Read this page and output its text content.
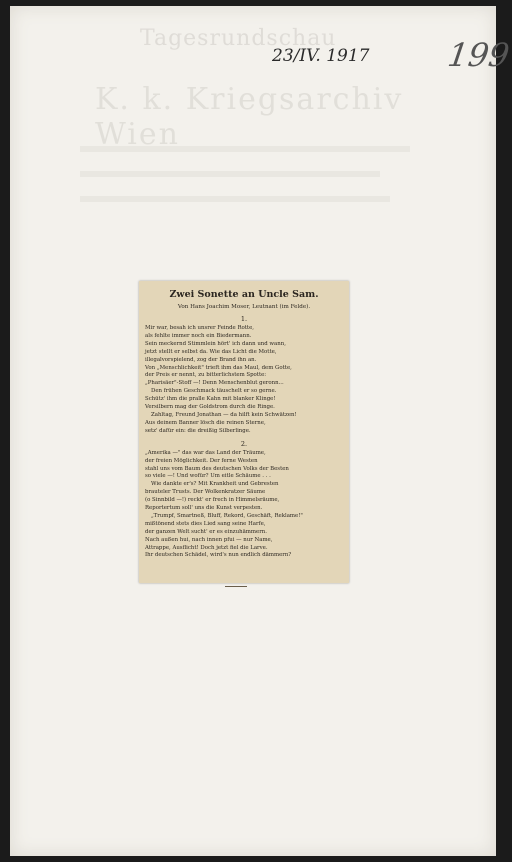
Tagesrundschau
K. k. Kriegsarchiv Wien
23/IV. 1917 199
Zwei Sonette an Uncle Sam.
Von Hans Joachim Moser, Leutnant (im Felde).
1.
Mir war, besah ich unsrer Feinde Rotte,
als fehlte immer noch ein Biedermann.
Sein meckernd Stimmlein hört' ich dann und wann,
jetzt stellt er selbst da. Wie das Licht die Motte,
illegalvorspielend, zog der Brand ihn an.
Von „Menschlichkeit" trieft ihm das Maul, dem Gotte,
der Preis er nennt, zu bitterlichstem Spotte:
„Pharisäer"-Stoff —! Denn Menschenblut geronn...
Den frühen Geschmack täuschelt er so gerne.
Schütz' ihm die pralle Kahn mit blanker Klinge!
Versilbern mag der Goldstrom durch die Ringe.
Zahltag, Freund Jonathan — da hilft kein Schwätzen!
Aus deinem Banner lösch die reinen Sterne,
setz' dafür ein: die dreißig Silberlinge.
2.
„Amerika —" das war das Land der Träume,
der freien Möglichkeit. Der ferne Westen
stahl uns vom Baum des deutschen Volks der Besten
so viele —! Und wofür? Um eitle Schäume . . .
Wie dankte er's? Mit Krankheit und Gebresten
brauteler Trusts. Der Wolkenkratzer Säume
(o Sinnbild —!) reckt' er frech in Himmelsräume,
Reportertum soll' uns die Kunst verpesten.
„Trumpf, Smartneß, Bluff, Rekord, Geschäft, Reklame!"
mißtönend stets dies Lied sang seine Harfe,
der ganzen Welt sucht' er es einzuhämmern.
Nach außen hui, nach innen pfui — nur Name,
Attrappe, Ausflicht! Doch jetzt fiel die Larve.
Ihr deutschen Schädel, wird's nun endlich dämmern?
